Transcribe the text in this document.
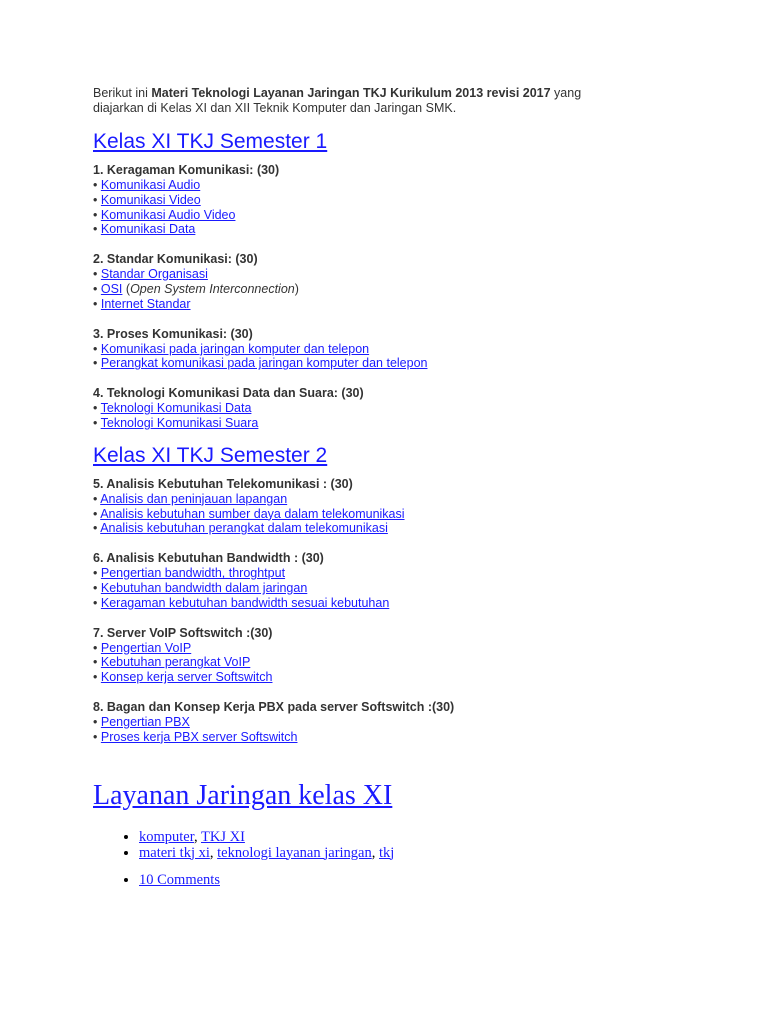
Berikut ini Materi Teknologi Layanan Jaringan TKJ Kurikulum 2013 revisi 2017 yang
diajarkan di Kelas XI dan XII Teknik Komputer dan Jaringan SMK.

Kelas XI TKJ Semester 1
1. Keragaman Komunikasi: (30)
• Komunikasi Audio
• Komunikasi Video
• Komunikasi Audio Video
• Komunikasi Data
2. Standar Komunikasi: (30)
• Standar Organisasi
• OSI (Open System Interconnection)
• Internet Standar
3. Proses Komunikasi: (30)
• Komunikasi pada jaringan komputer dan telepon
• Perangkat komunikasi pada jaringan komputer dan telepon
4. Teknologi Komunikasi Data dan Suara: (30)
• Teknologi Komunikasi Data
• Teknologi Komunikasi Suara
Kelas XI TKJ Semester 2
5. Analisis Kebutuhan Telekomunikasi : (30)
• Analisis dan peninjauan lapangan
• Analisis kebutuhan sumber daya dalam telekomunikasi
• Analisis kebutuhan perangkat dalam telekomunikasi
6. Analisis Kebutuhan Bandwidth : (30)
• Pengertian bandwidth, throghtput
• Kebutuhan bandwidth dalam jaringan
• Keragaman kebutuhan bandwidth sesuai kebutuhan
7. Server VoIP Softswitch :(30)
• Pengertian VoIP
• Kebutuhan perangkat VoIP
• Konsep kerja server Softswitch
8. Bagan dan Konsep Kerja PBX pada server Softswitch :(30)
• Pengertian PBX
• Proses kerja PBX server Softswitch
Layanan Jaringan kelas XI
• komputer, TKJ XI
• materi tkj xi, teknologi layanan jaringan, tkj
• 10 Comments
